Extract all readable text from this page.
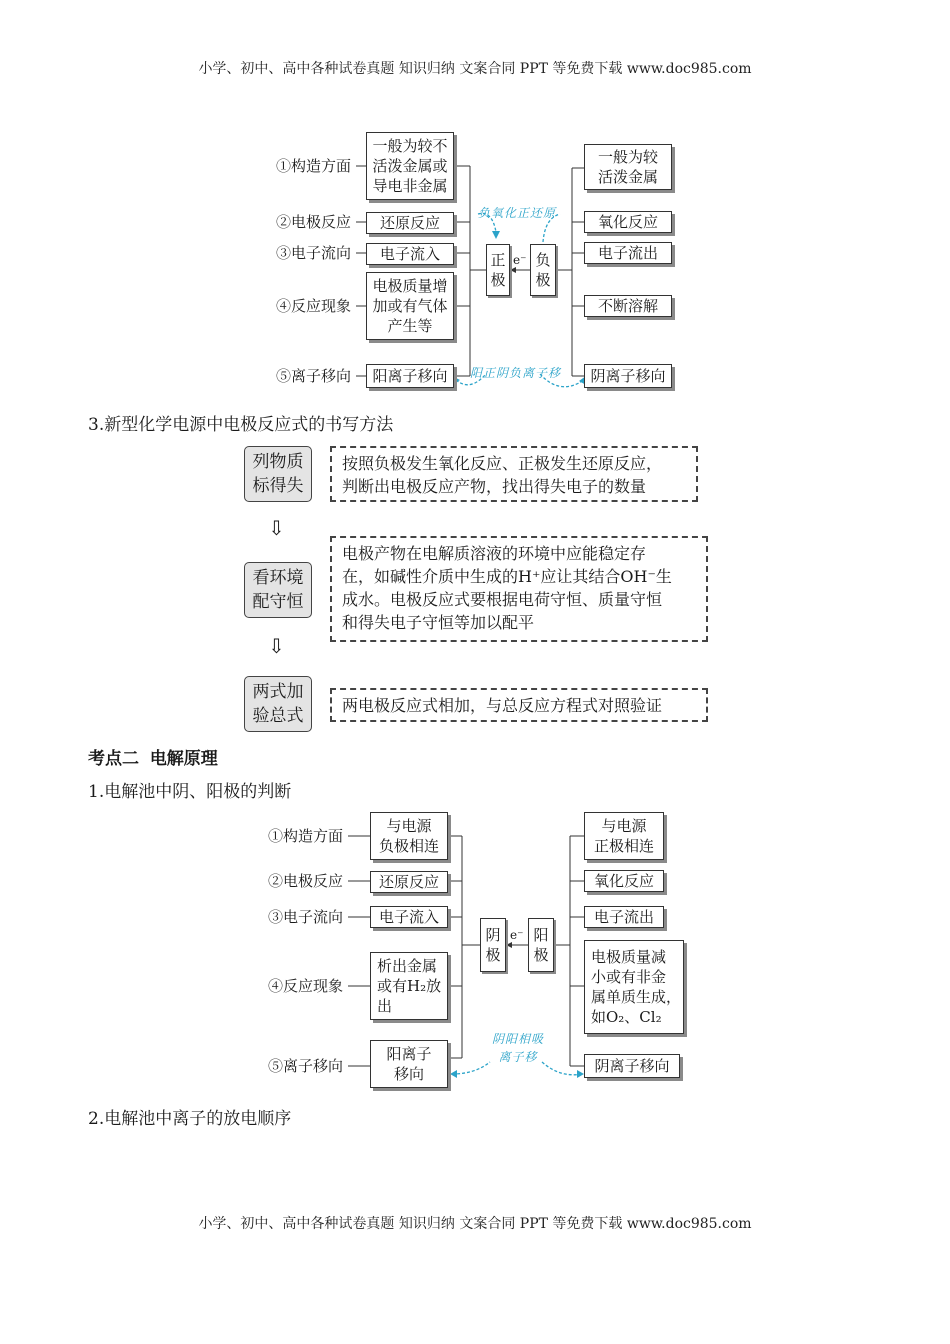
小学、初中、高中各种试卷真题 知识归纳 文案合同 PPT 等免费下载 www.doc985.com
①构造方面
②电极反应
③电子流向
④反应现象
⑤离子移向
一般为较不
活泼金属或
导电非金属
还原反应
电子流入
电极质量增
加或有气体
产生等
阳离子移向
正
极
e⁻ 负
极
一般为较
活泼金属
氧化反应
电子流出
不断溶解
阴离子移向
负氧化正还原
阳正阴负离子移
3.新型化学电源中电极反应式的书写方法
列物质
标得失
按照负极发生氧化反应、正极发生还原反应，
判断出电极反应产物，找出得失电子的数量
⇩
看环境
配守恒
电极产物在电解质溶液的环境中应能稳定存
在，如碱性介质中生成的H⁺应让其结合OH⁻生
成水。电极反应式要根据电荷守恒、质量守恒
和得失电子守恒等加以配平
⇩
两式加
验总式
两电极反应式相加，与总反应方程式对照验证
考点二 电解原理
1.电解池中阴、阳极的判断
①构造方面
②电极反应
③电子流向
④反应现象
⑤离子移向
与电源
负极相连
还原反应
电子流入
析出金属
或有H₂放
出
阳离子
移向
阴
极
e⁻ 阳
极
与电源
正极相连
氧化反应
电子流出
电极质量减
小或有非金
属单质生成，
如O₂、Cl₂
阴离子移向
阴阳相吸
离子移
2.电解池中离子的放电顺序
小学、初中、高中各种试卷真题 知识归纳 文案合同 PPT 等免费下载 www.doc985.com
